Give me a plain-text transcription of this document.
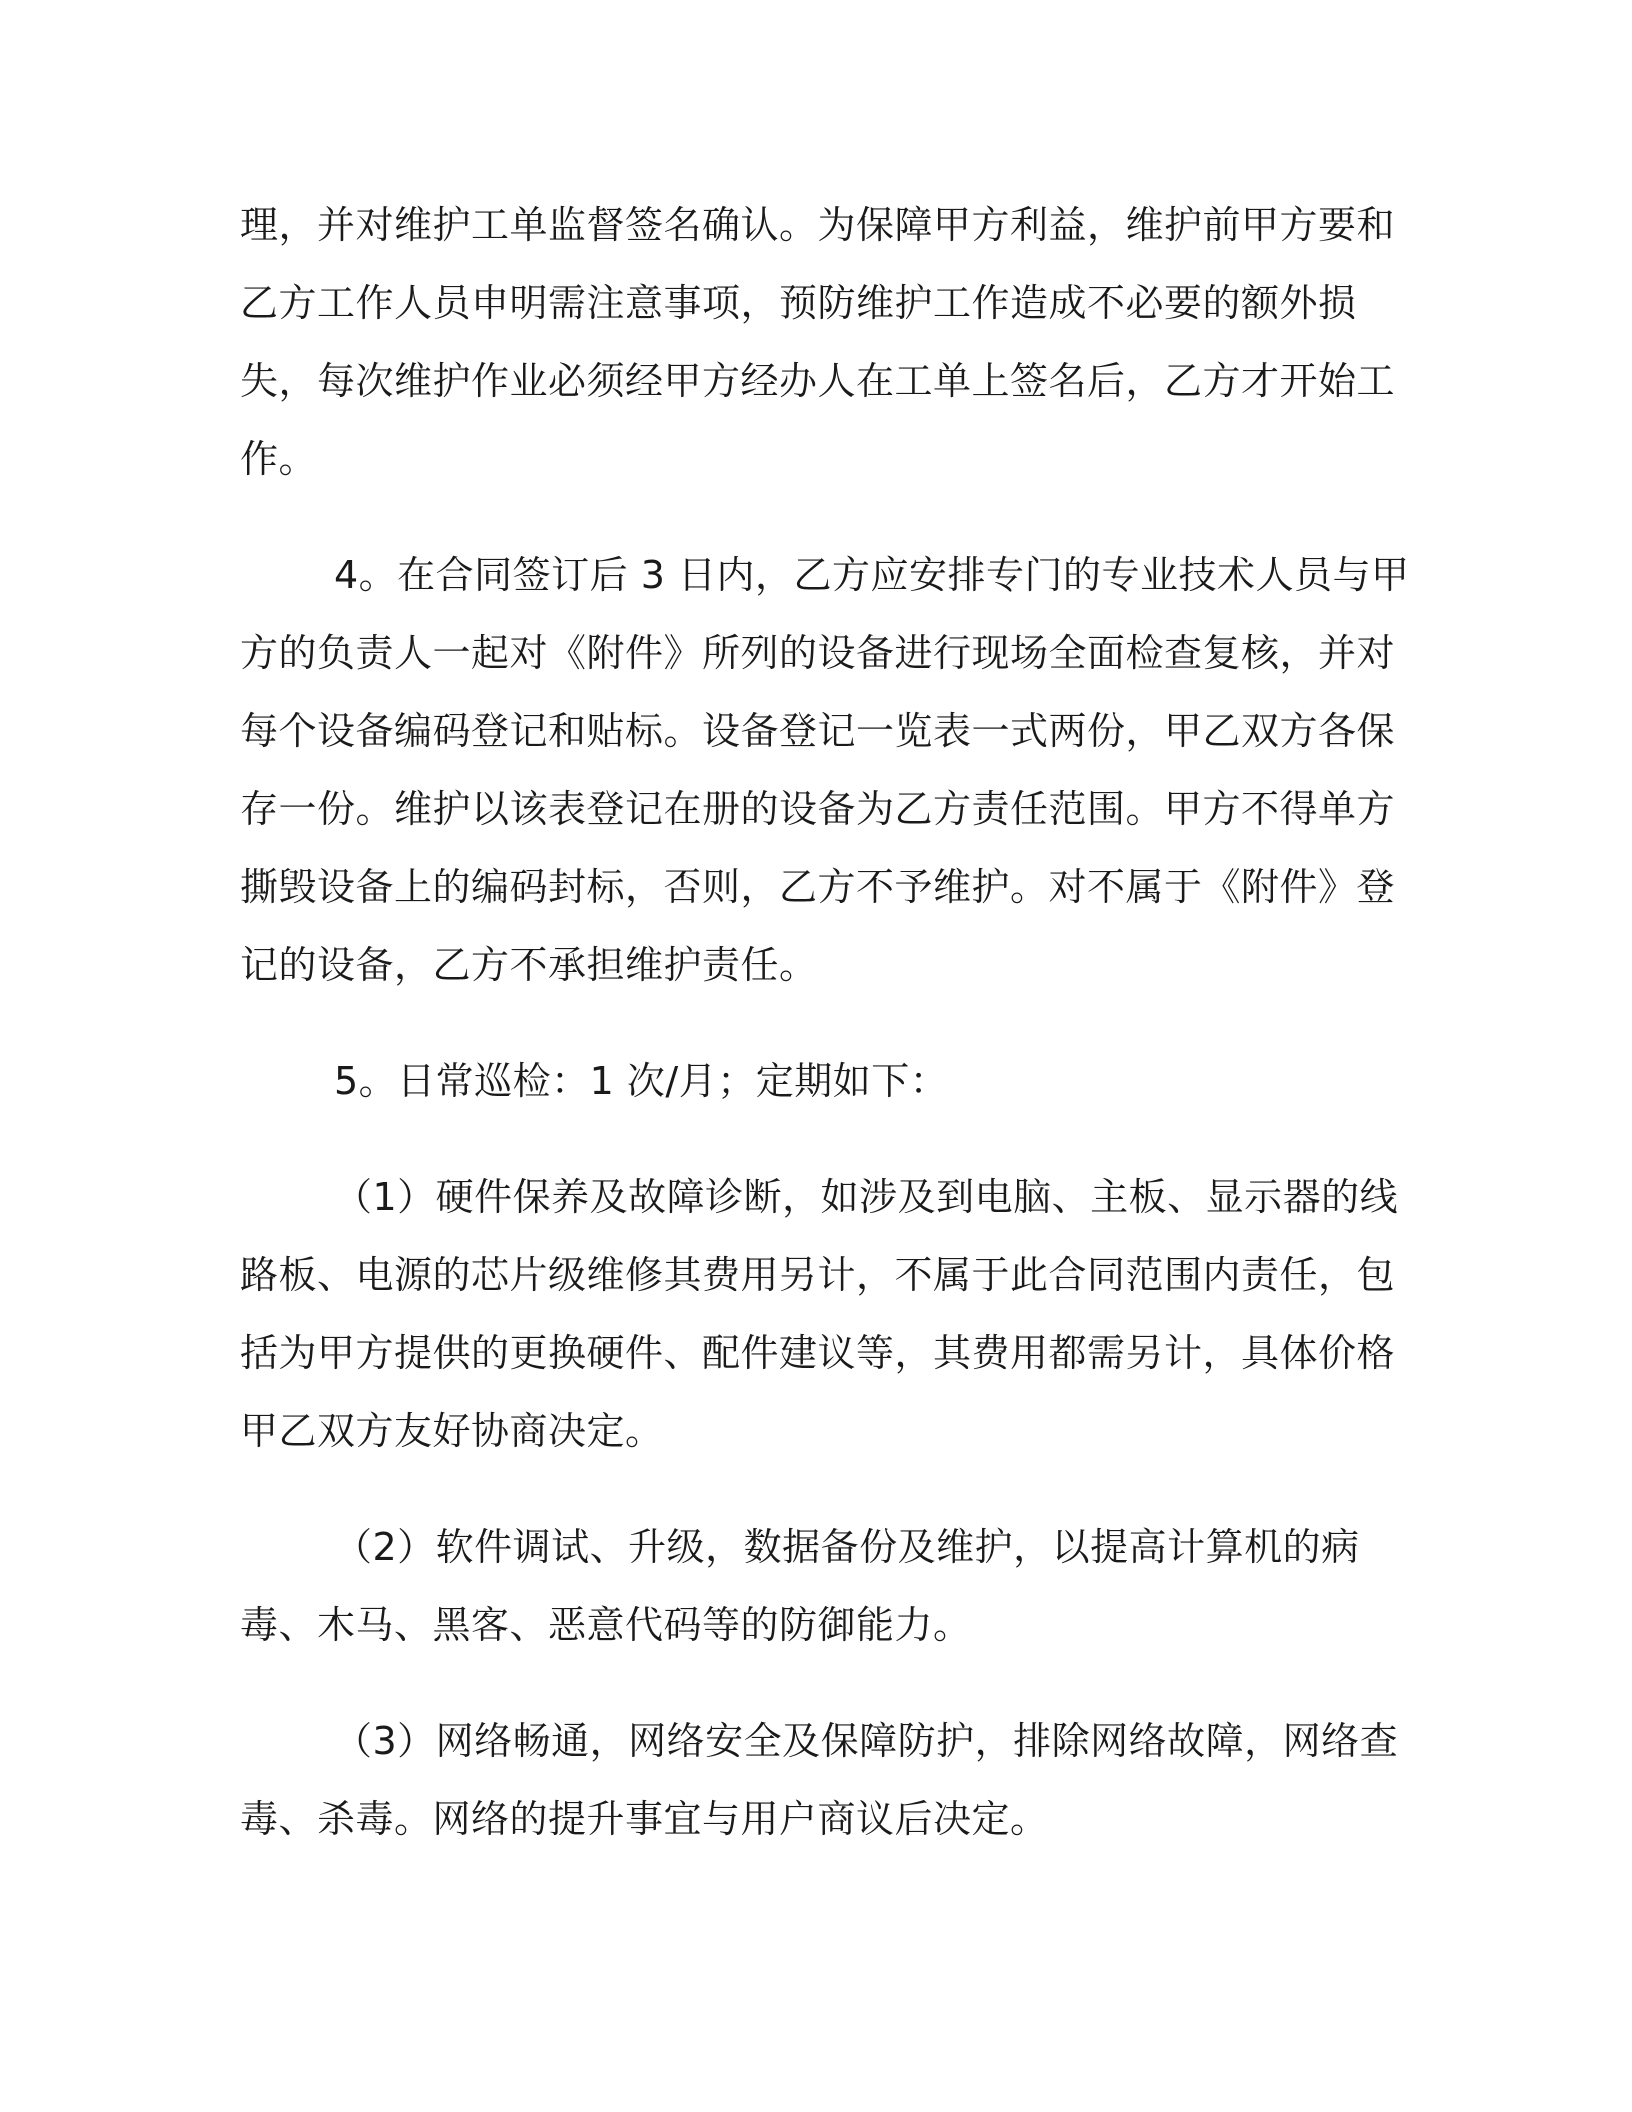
理，并对维护工单监督签名确认。为保障甲方利益，维护前甲方要和
乙方工作人员申明需注意事项，预防维护工作造成不必要的额外损
失，每次维护作业必须经甲方经办人在工单上签名后，乙方才开始工
作。
4。在合同签订后 3 日内，乙方应安排专门的专业技术人员与甲
方的负责人一起对《附件》所列的设备进行现场全面检查复核，并对
每个设备编码登记和贴标。设备登记一览表一式两份，甲乙双方各保
存一份。维护以该表登记在册的设备为乙方责任范围。甲方不得单方
撕毁设备上的编码封标，否则，乙方不予维护。对不属于《附件》登
记的设备，乙方不承担维护责任。
5。日常巡检：1 次/月；定期如下：
（1）硬件保养及故障诊断，如涉及到电脑、主板、显示器的线
路板、电源的芯片级维修其费用另计，不属于此合同范围内责任，包
括为甲方提供的更换硬件、配件建议等，其费用都需另计，具体价格
甲乙双方友好协商决定。
（2）软件调试、升级，数据备份及维护，以提高计算机的病
毒、木马、黑客、恶意代码等的防御能力。
（3）网络畅通，网络安全及保障防护，排除网络故障，网络查
毒、杀毒。网络的提升事宜与用户商议后决定。
